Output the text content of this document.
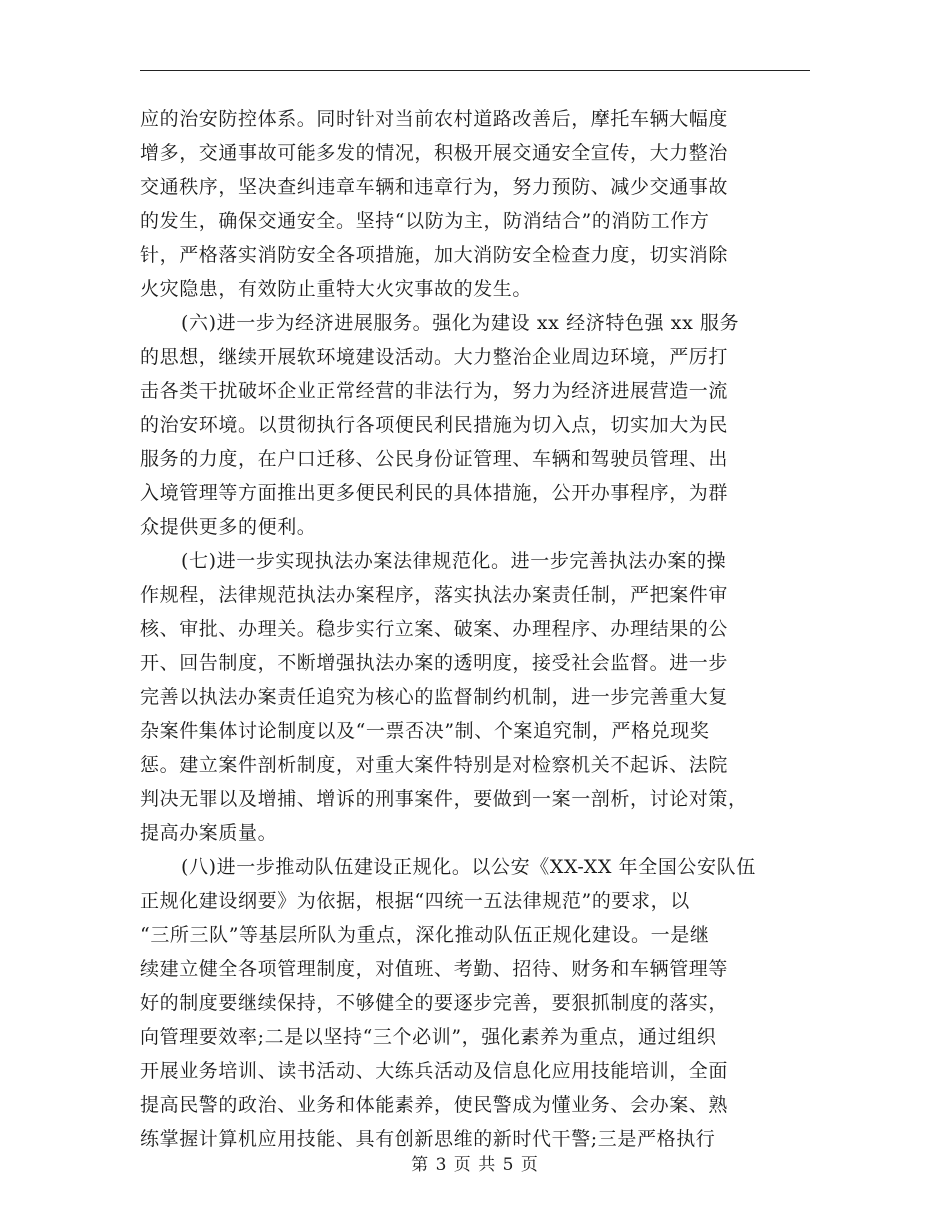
应的治安防控体系。同时针对当前农村道路改善后，摩托车辆大幅度
增多，交通事故可能多发的情况，积极开展交通安全宣传，大力整治
交通秩序，坚决查纠违章车辆和违章行为，努力预防、减少交通事故
的发生，确保交通安全。坚持“以防为主，防消结合”的消防工作方
针，严格落实消防安全各项措施，加大消防安全检查力度，切实消除
火灾隐患，有效防止重特大火灾事故的发生。
(六)进一步为经济进展服务。强化为建设 xx 经济特色强 xx 服务
的思想，继续开展软环境建设活动。大力整治企业周边环境，严厉打
击各类干扰破坏企业正常经营的非法行为，努力为经济进展营造一流
的治安环境。以贯彻执行各项便民利民措施为切入点，切实加大为民
服务的力度，在户口迁移、公民身份证管理、车辆和驾驶员管理、出
入境管理等方面推出更多便民利民的具体措施，公开办事程序，为群
众提供更多的便利。
(七)进一步实现执法办案法律规范化。进一步完善执法办案的操
作规程，法律规范执法办案程序，落实执法办案责任制，严把案件审
核、审批、办理关。稳步实行立案、破案、办理程序、办理结果的公
开、回告制度，不断增强执法办案的透明度，接受社会监督。进一步
完善以执法办案责任追究为核心的监督制约机制，进一步完善重大复
杂案件集体讨论制度以及“一票否决”制、个案追究制，严格兑现奖
惩。建立案件剖析制度，对重大案件特别是对检察机关不起诉、法院
判决无罪以及增捕、增诉的刑事案件，要做到一案一剖析，讨论对策，
提高办案质量。
(八)进一步推动队伍建设正规化。以公安《XX-XX 年全国公安队伍
正规化建设纲要》为依据，根据“四统一五法律规范”的要求，以
“三所三队”等基层所队为重点，深化推动队伍正规化建设。一是继
续建立健全各项管理制度，对值班、考勤、招待、财务和车辆管理等
好的制度要继续保持，不够健全的要逐步完善，要狠抓制度的落实，
向管理要效率;二是以坚持“三个必训”，强化素养为重点，通过组织
开展业务培训、读书活动、大练兵活动及信息化应用技能培训，全面
提高民警的政治、业务和体能素养，使民警成为懂业务、会办案、熟
练掌握计算机应用技能、具有创新思维的新时代干警;三是严格执行
第 3 页 共 5 页
